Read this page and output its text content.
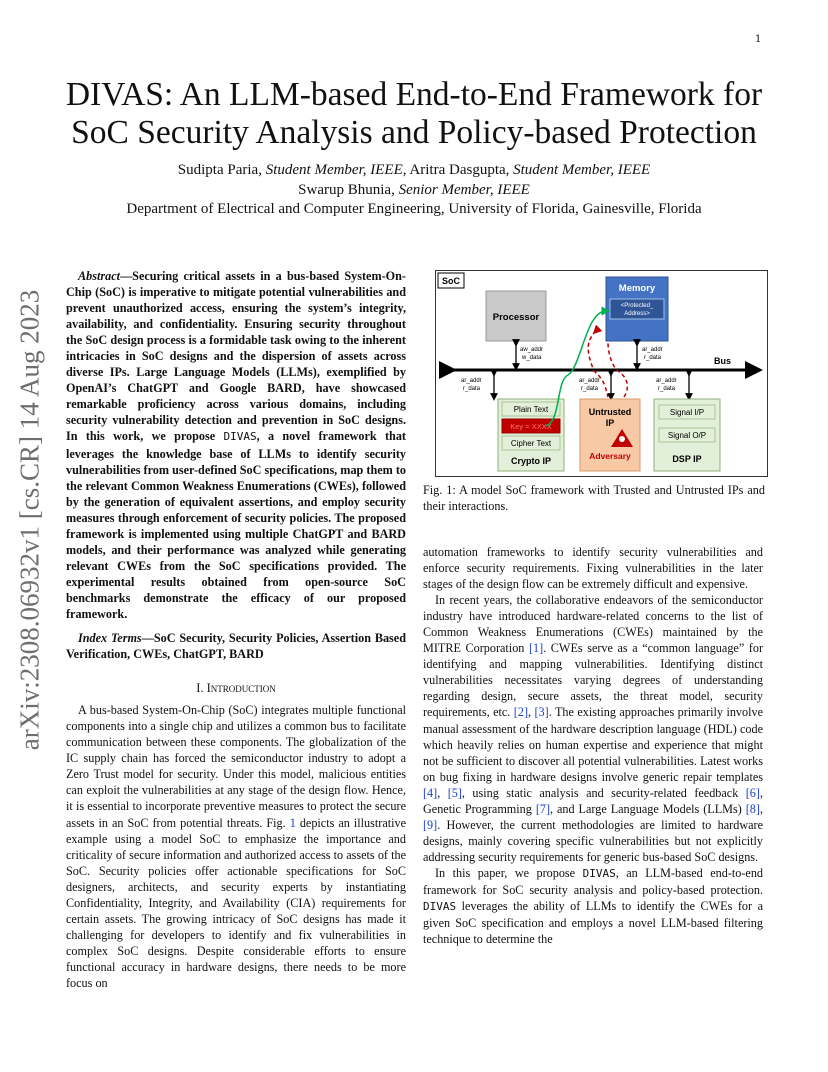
1
arXiv:2308.06932v1 [cs.CR] 14 Aug 2023
DIVAS: An LLM-based End-to-End Framework for
SoC Security Analysis and Policy-based Protection
Sudipta Paria, Student Member, IEEE, Aritra Dasgupta, Student Member, IEEE
Swarup Bhunia, Senior Member, IEEE
Department of Electrical and Computer Engineering, University of Florida, Gainesville, Florida

Abstract—Securing critical assets in a bus-based System-On-Chip (SoC) is imperative to mitigate potential vulnerabilities and prevent unauthorized access, ensuring the system’s integrity, availability, and confidentiality. Ensuring security throughout the SoC design process is a formidable task owing to the inherent intricacies in SoC designs and the dispersion of assets across diverse IPs. Large Language Models (LLMs), exemplified by OpenAI’s ChatGPT and Google BARD, have showcased remarkable proficiency across various domains, including security vulnerability detection and prevention in SoC designs. In this work, we propose DIVAS, a novel framework that leverages the knowledge base of LLMs to identify security vulnerabilities from user-defined SoC specifications, map them to the relevant Common Weakness Enumerations (CWEs), followed by the generation of equivalent assertions, and employ security measures through enforcement of security policies. The proposed framework is implemented using multiple ChatGPT and BARD models, and their performance was analyzed while generating relevant CWEs from the SoC specifications provided. The experimental results obtained from open-source SoC benchmarks demonstrate the efficacy of our proposed framework.

Index Terms—SoC Security, Security Policies, Assertion Based Verification, CWEs, ChatGPT, BARD

I. Introduction

A bus-based System-On-Chip (SoC) integrates multiple functional components into a single chip and utilizes a common bus to facilitate communication between these components. The globalization of the IC supply chain has forced the semiconductor industry to adopt a Zero Trust model for security. Under this model, malicious entities can exploit the vulnerabilities at any stage of the design flow. Hence, it is essential to incorporate preventive measures to protect the secure assets in an SoC from potential threats. Fig. 1 depicts an illustrative example using a model SoC to emphasize the importance and criticality of secure information and authorized access to assets of the SoC. Security policies offer actionable specifications for SoC designers, architects, and security experts by instantiating Confidentiality, Integrity, and Availability (CIA) requirements for certain assets. The growing intricacy of SoC designs has made it challenging for developers to identify and fix vulnerabilities in complex SoC designs. Despite considerable efforts to ensure functional accuracy in hardware designs, there needs to be more focus on

SoC
Processor
Memory
<Protected_
Address>
Bus
aw_addr
w_data
ar_addr
r_data
ar_addr
r_data
ar_addr
r_data
ar_addr
r_data
Plain Text
Key = XXXX
Cipher Text
Crypto IP
Untrusted
IP
Adversary
Signal I/P
Signal O/P
DSP IP
Fig. 1: A model SoC framework with Trusted and Untrusted IPs and their interactions.

automation frameworks to identify security vulnerabilities and enforce security requirements. Fixing vulnerabilities in the later stages of the design flow can be extremely difficult and expensive.

In recent years, the collaborative endeavors of the semiconductor industry have introduced hardware-related concerns to the list of Common Weakness Enumerations (CWEs) maintained by the MITRE Corporation [1]. CWEs serve as a “common language” for identifying and mapping vulnerabilities. Identifying distinct vulnerabilities necessitates varying degrees of understanding regarding design, secure assets, the threat model, security requirements, etc. [2], [3]. The existing approaches primarily involve manual assessment of the hardware description language (HDL) code which heavily relies on human expertise and experience that might not be sufficient to discover all potential vulnerabilities. Latest works on bug fixing in hardware designs involve generic repair templates [4], [5], using static analysis and security-related feedback [6], Genetic Programming [7], and Large Language Models (LLMs) [8], [9]. However, the current methodologies are limited to hardware designs, mainly covering specific vulnerabilities but not explicitly addressing security requirements for generic bus-based SoC designs.

In this paper, we propose DIVAS, an LLM-based end-to-end framework for SoC security analysis and policy-based protection. DIVAS leverages the ability of LLMs to identify the CWEs for a given SoC specification and employs a novel LLM-based filtering technique to determine the
